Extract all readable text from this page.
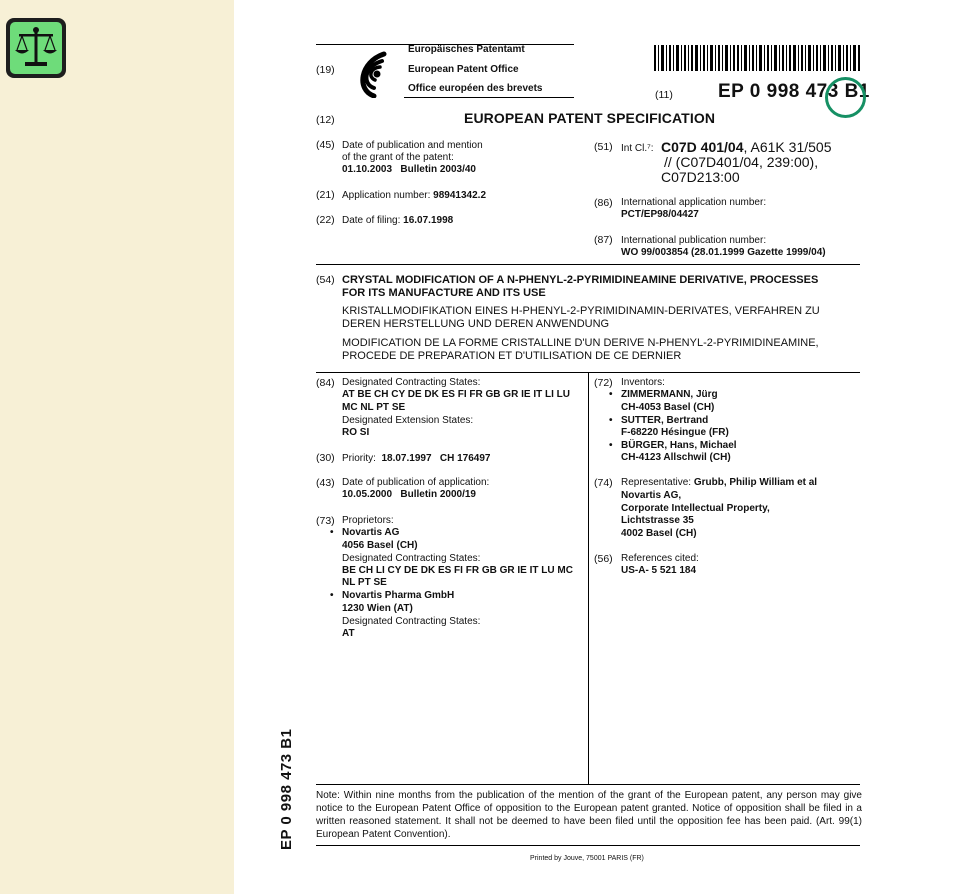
(19)
Europäisches Patentamt
European Patent Office
Office européen des brevets
(11) EP 0 998 473 B1
(12)	EUROPEAN PATENT SPECIFICATION
(45) Date of publication and mention
of the grant of the patent:
01.10.2003   Bulletin 2003/40
(21) Application number: 98941342.2
(22) Date of filing: 16.07.1998
(51) Int Cl.⁷: C07D 401/04, A61K 31/505
// (C07D401/04, 239:00),
C07D213:00
(86) International application number:
PCT/EP98/04427
(87) International publication number:
WO 99/003854 (28.01.1999 Gazette 1999/04)
(54) CRYSTAL MODIFICATION OF A N-PHENYL-2-PYRIMIDINEAMINE DERIVATIVE, PROCESSES
FOR ITS MANUFACTURE AND ITS USE
KRISTALLMODIFIKATION EINES H-PHENYL-2-PYRIMIDINAMIN-DERIVATES, VERFAHREN ZU
DEREN HERSTELLUNG UND DEREN ANWENDUNG
MODIFICATION DE LA FORME CRISTALLINE D'UN DERIVE N-PHENYL-2-PYRIMIDINEAMINE,
PROCEDE DE PREPARATION ET D'UTILISATION DE CE DERNIER
(84) Designated Contracting States:
AT BE CH CY DE DK ES FI FR GB GR IE IT LI LU
MC NL PT SE
Designated Extension States:
RO SI
(30) Priority: 18.07.1997   CH 176497
(43) Date of publication of application:
10.05.2000   Bulletin 2000/19
(73) Proprietors:
• Novartis AG
4056 Basel (CH)
Designated Contracting States:
BE CH LI CY DE DK ES FI FR GB GR IE IT LU MC
NL PT SE
• Novartis Pharma GmbH
1230 Wien (AT)
Designated Contracting States:
AT
(72) Inventors:
• ZIMMERMANN, Jürg
CH-4053 Basel (CH)
• SUTTER, Bertrand
F-68220 Hésingue (FR)
• BÜRGER, Hans, Michael
CH-4123 Allschwil (CH)
(74) Representative: Grubb, Philip William et al
Novartis AG,
Corporate Intellectual Property,
Lichtstrasse 35
4002 Basel (CH)
(56) References cited:
US-A- 5 521 184
EP 0 998 473 B1 Note: Within nine months from the publication of the mention of the grant of the European patent, any person may give notice to the European Patent Office of opposition to the European patent granted. Notice of opposition shall be filed in a written reasoned statement. It shall not be deemed to have been filed until the opposition fee has been paid. (Art. 99(1) European Patent Convention).
Printed by Jouve, 75001 PARIS (FR)
